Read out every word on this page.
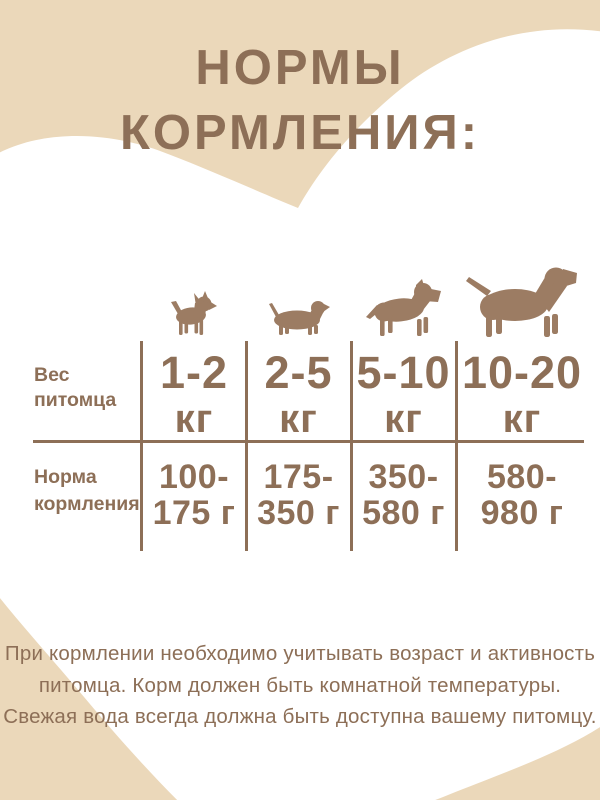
НОРМЫ
КОРМЛЕНИЯ:
Вес
питомца
Норма
кормления
1-2
кг
2-5
кг
5-10
кг
10-20
кг
100-
175 г
175-
350 г
350-
580 г
580-
980 г
При кормлении необходимо учитывать возраст и активность
питомца. Корм должен быть комнатной температуры.
Свежая вода всегда должна быть доступна вашему питомцу.
